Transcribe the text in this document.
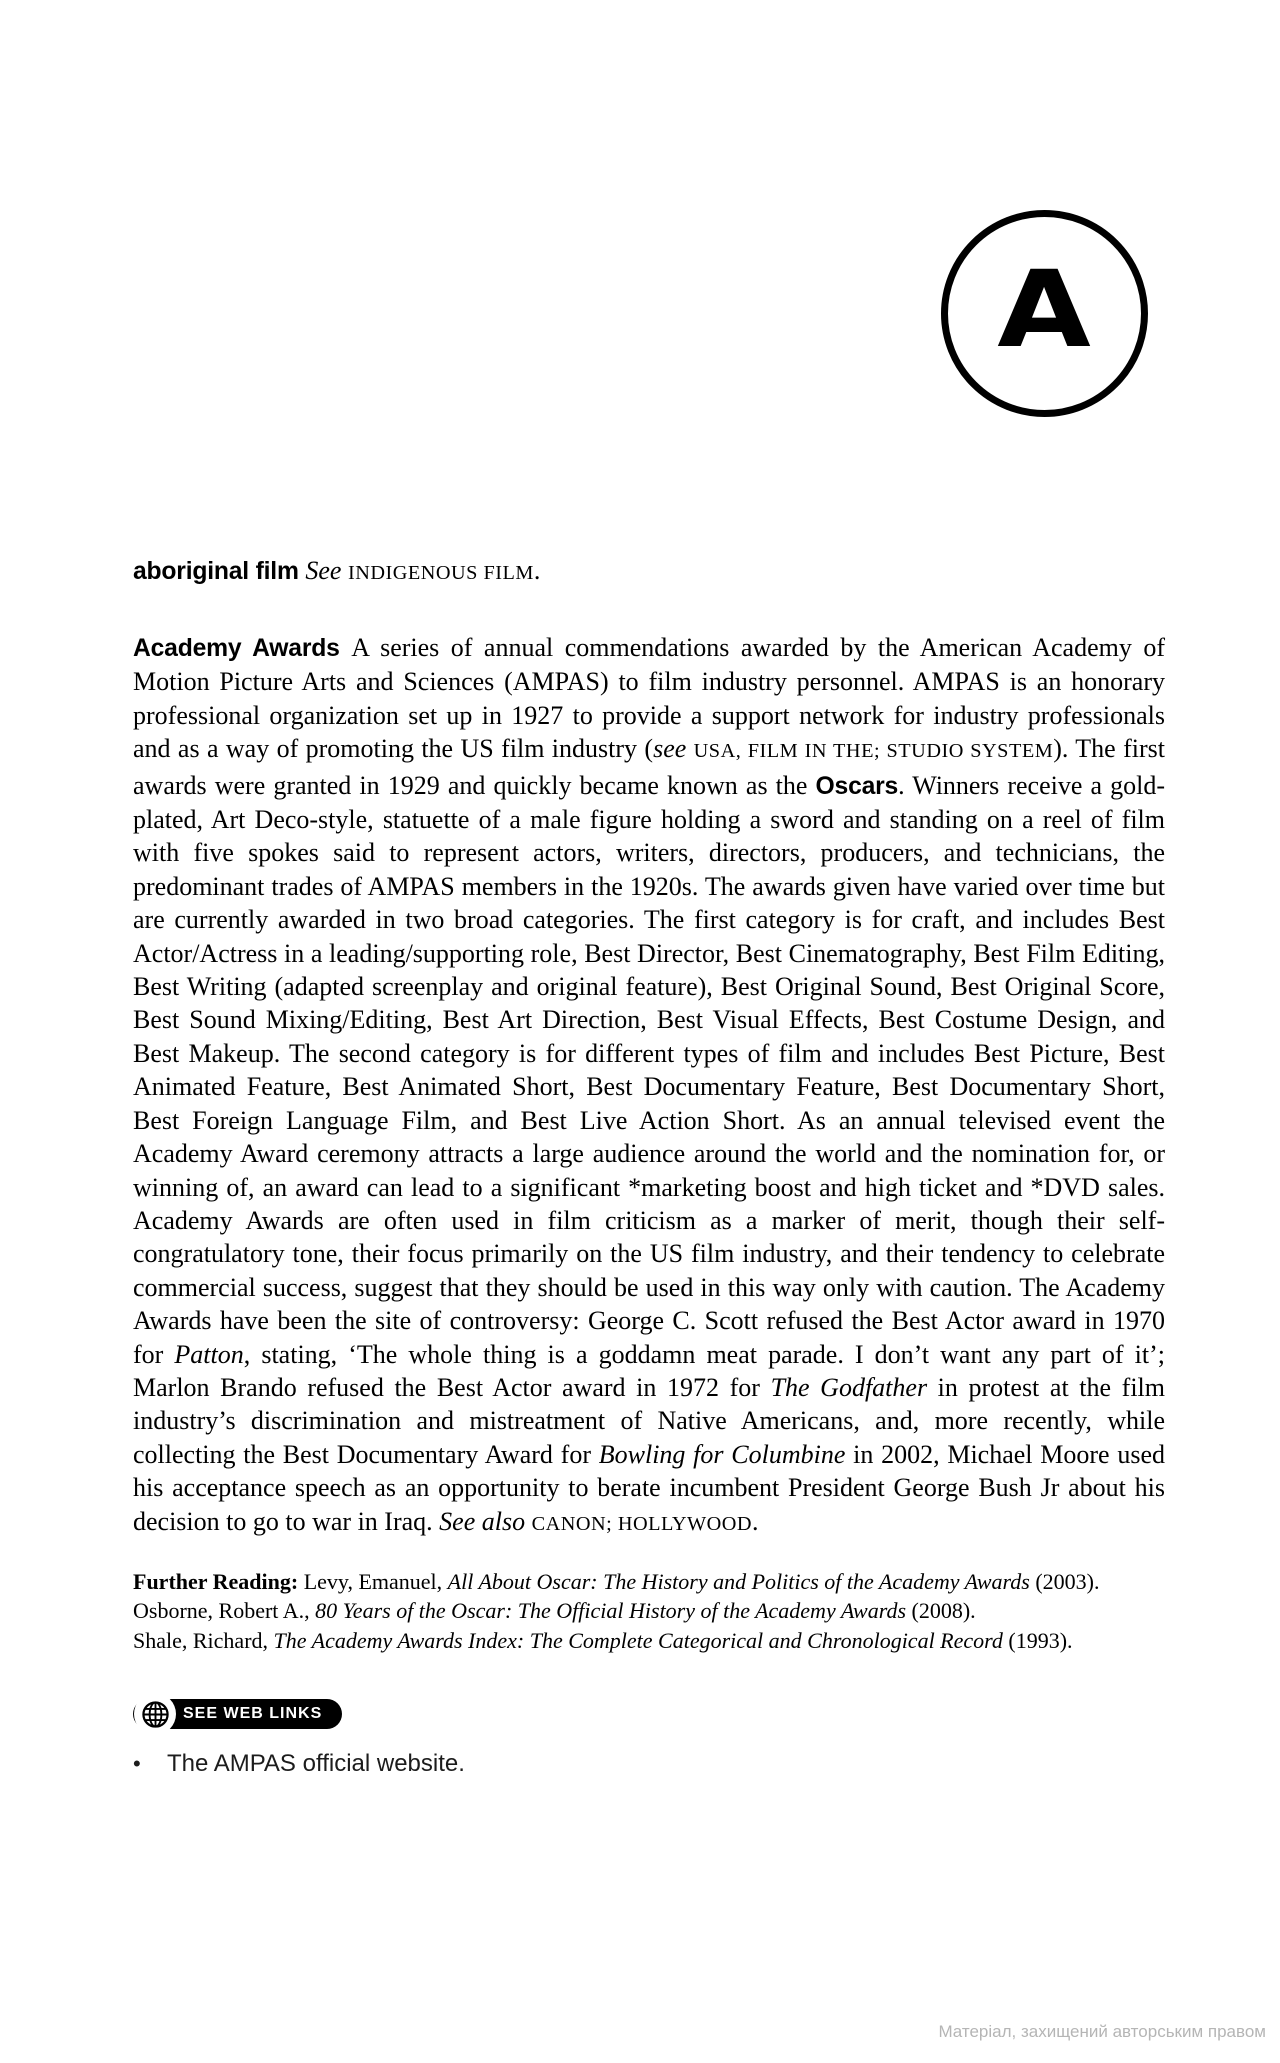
A

aboriginal film See INDIGENOUS FILM.

Academy Awards A series of annual commendations awarded by the American Academy of Motion Picture Arts and Sciences (AMPAS) to film industry personnel. AMPAS is an honorary professional organization set up in 1927 to provide a support network for industry professionals and as a way of promoting the US film industry (see USA, FILM IN THE; STUDIO SYSTEM). The first awards were granted in 1929 and quickly became known as the Oscars. Winners receive a gold-plated, Art Deco-style, statuette of a male figure holding a sword and standing on a reel of film with five spokes said to represent actors, writers, directors, producers, and technicians, the predominant trades of AMPAS members in the 1920s. The awards given have varied over time but are currently awarded in two broad categories. The first category is for craft, and includes Best Actor/Actress in a leading/supporting role, Best Director, Best Cinematography, Best Film Editing, Best Writing (adapted screenplay and original feature), Best Original Sound, Best Original Score, Best Sound Mixing/Editing, Best Art Direction, Best Visual Effects, Best Costume Design, and Best Makeup. The second category is for different types of film and includes Best Picture, Best Animated Feature, Best Animated Short, Best Documentary Feature, Best Documentary Short, Best Foreign Language Film, and Best Live Action Short. As an annual televised event the Academy Award ceremony attracts a large audience around the world and the nomination for, or winning of, an award can lead to a significant *marketing boost and high ticket and *DVD sales. Academy Awards are often used in film criticism as a marker of merit, though their self-congratulatory tone, their focus primarily on the US film industry, and their tendency to celebrate commercial success, suggest that they should be used in this way only with caution. The Academy Awards have been the site of controversy: George C. Scott refused the Best Actor award in 1970 for Patton, stating, ‘The whole thing is a goddamn meat parade. I don’t want any part of it’; Marlon Brando refused the Best Actor award in 1972 for The Godfather in protest at the film industry’s discrimination and mistreatment of Native Americans, and, more recently, while collecting the Best Documentary Award for Bowling for Columbine in 2002, Michael Moore used his acceptance speech as an opportunity to berate incumbent President George Bush Jr about his decision to go to war in Iraq. See also CANON; HOLLYWOOD.

Further Reading: Levy, Emanuel, All About Oscar: The History and Politics of the Academy Awards (2003).

Osborne, Robert A., 80 Years of the Oscar: The Official History of the Academy Awards (2008).

Shale, Richard, The Academy Awards Index: The Complete Categorical and Chronological Record (1993).

SEE WEB LINKS
•	The AMPAS official website.
Матеріал, захищений авторським правом
